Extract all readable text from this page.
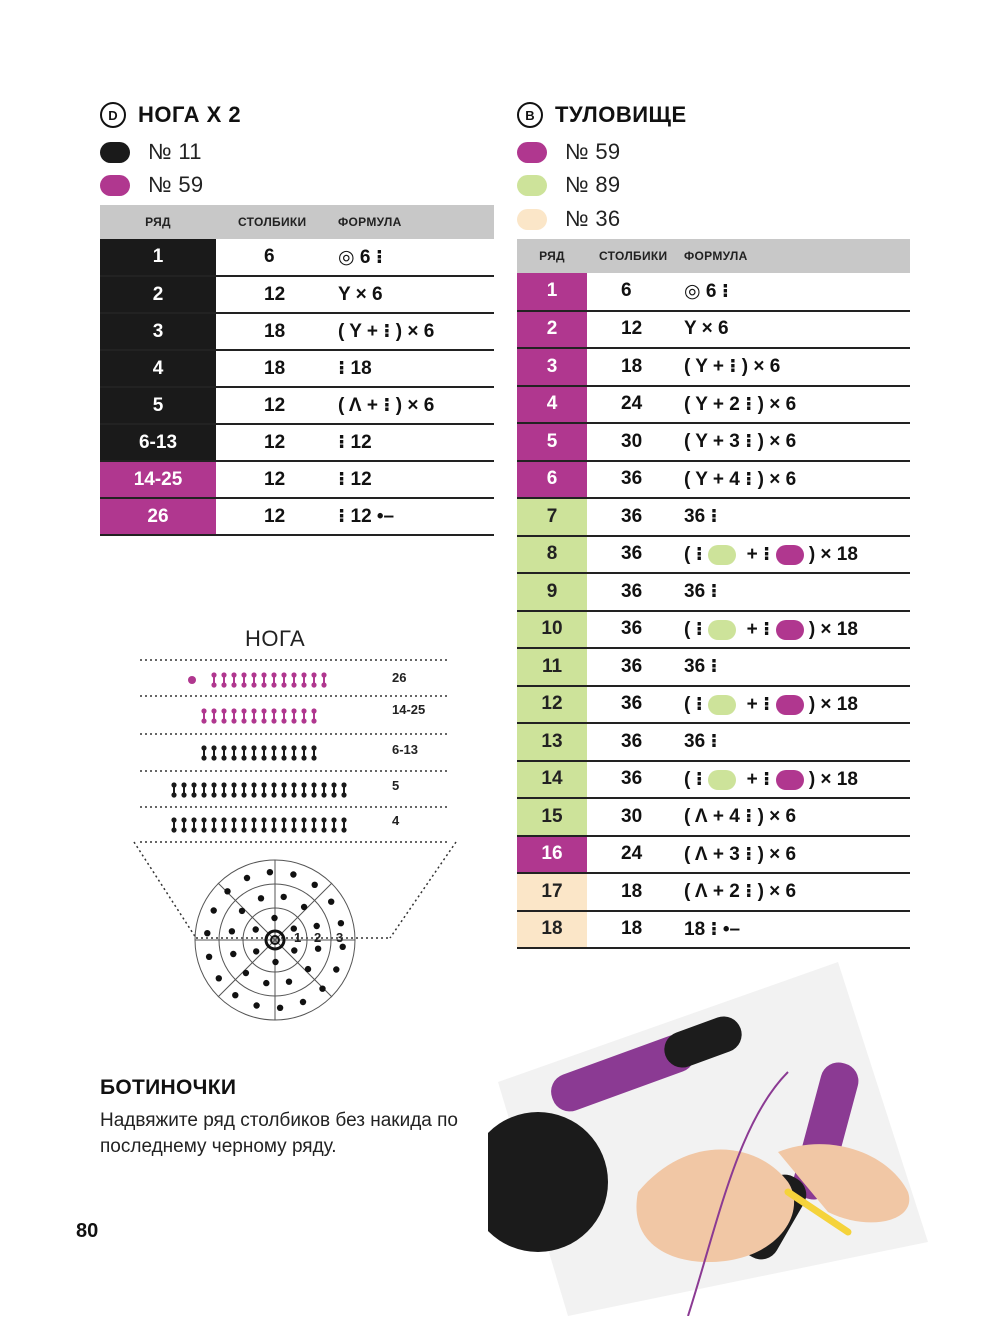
D НОГА Х 2
№ 11
№ 59
РЯД	СТОЛБИКИ	ФОРМУЛА
1	6	◎ 6 ⁝
2	12	Y × 6
3	18	( Y + ⁝ ) × 6
4	18	⁝ 18
5	12	( Λ + ⁝ ) × 6
6-13	12	⁝ 12
14-25	12	⁝ 12
26	12	⁝ 12 •–
B ТУЛОВИЩЕ
№ 59
№ 89
№ 36
РЯД	СТОЛБИКИ	ФОРМУЛА
1	6	◎ 6 ⁝
2	12	Y × 6
3	18	( Y + ⁝ ) × 6
4	24	( Y + 2 ⁝ ) × 6
5	30	( Y + 3 ⁝ ) × 6
6	36	( Y + 4 ⁝ ) × 6
7	36	36 ⁝
8	36	( ⁝   + ⁝  ) × 18
9	36	36 ⁝
10	36	( ⁝   + ⁝  ) × 18
11	36	36 ⁝
12	36	( ⁝   + ⁝  ) × 18
13	36	36 ⁝
14	36	( ⁝   + ⁝  ) × 18
15	30	( Λ + 4 ⁝ ) × 6
16	24	( Λ + 3 ⁝ ) × 6
17	18	( Λ + 2 ⁝ ) × 6
18	18	18 ⁝ •–
НОГА
26
14-25
6-13
5
4
1 2 3
БОТИНОЧКИ
Надвяжите ряд столбиков без накида по последнему черному ряду.
80
